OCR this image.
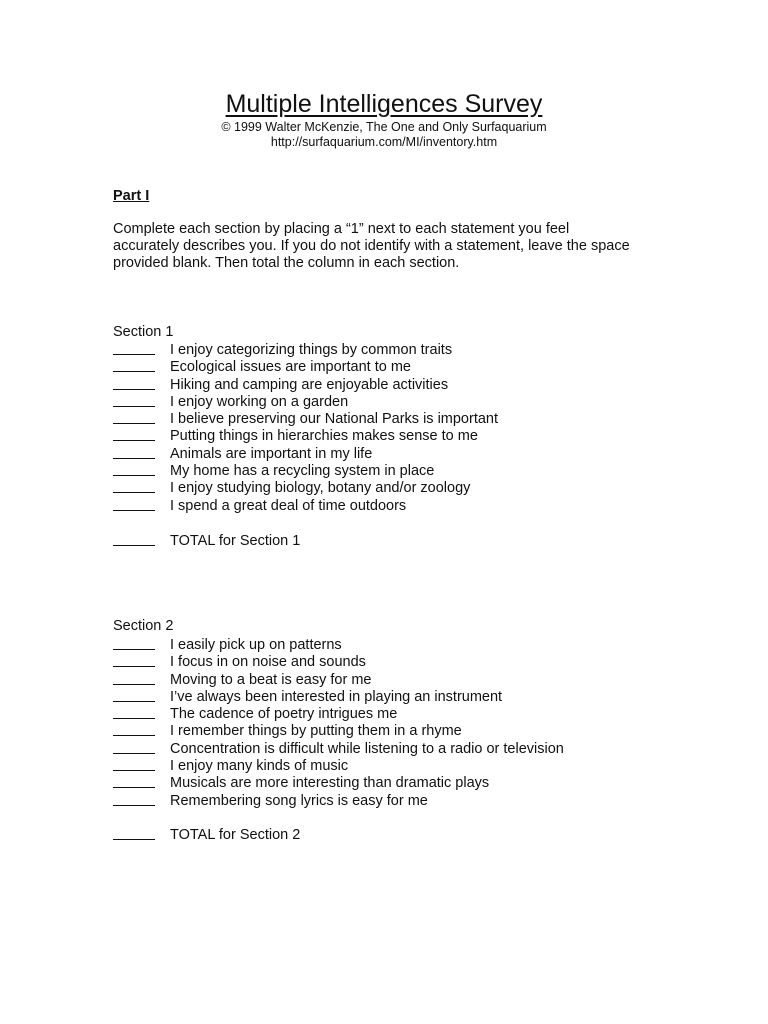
Multiple Intelligences Survey
© 1999 Walter McKenzie, The One and Only Surfaquarium
http://surfaquarium.com/MI/inventory.htm
Part I
Complete each section by placing a “1” next to each statement you feel
accurately describes you. If you do not identify with a statement, leave the space
provided blank. Then total the column in each section.
Section 1
I enjoy categorizing things by common traits
Ecological issues are important to me
Hiking and camping are enjoyable activities
I enjoy working on a garden
I believe preserving our National Parks is important
Putting things in hierarchies makes sense to me
Animals are important in my life
My home has a recycling system in place
I enjoy studying biology, botany and/or zoology
I spend a great deal of time outdoors
TOTAL for Section 1
Section 2
I easily pick up on patterns
I focus in on noise and sounds
Moving to a beat is easy for me
I’ve always been interested in playing an instrument
The cadence of poetry intrigues me
I remember things by putting them in a rhyme
Concentration is difficult while listening to a radio or television
I enjoy many kinds of music
Musicals are more interesting than dramatic plays
Remembering song lyrics is easy for me
TOTAL for Section 2
